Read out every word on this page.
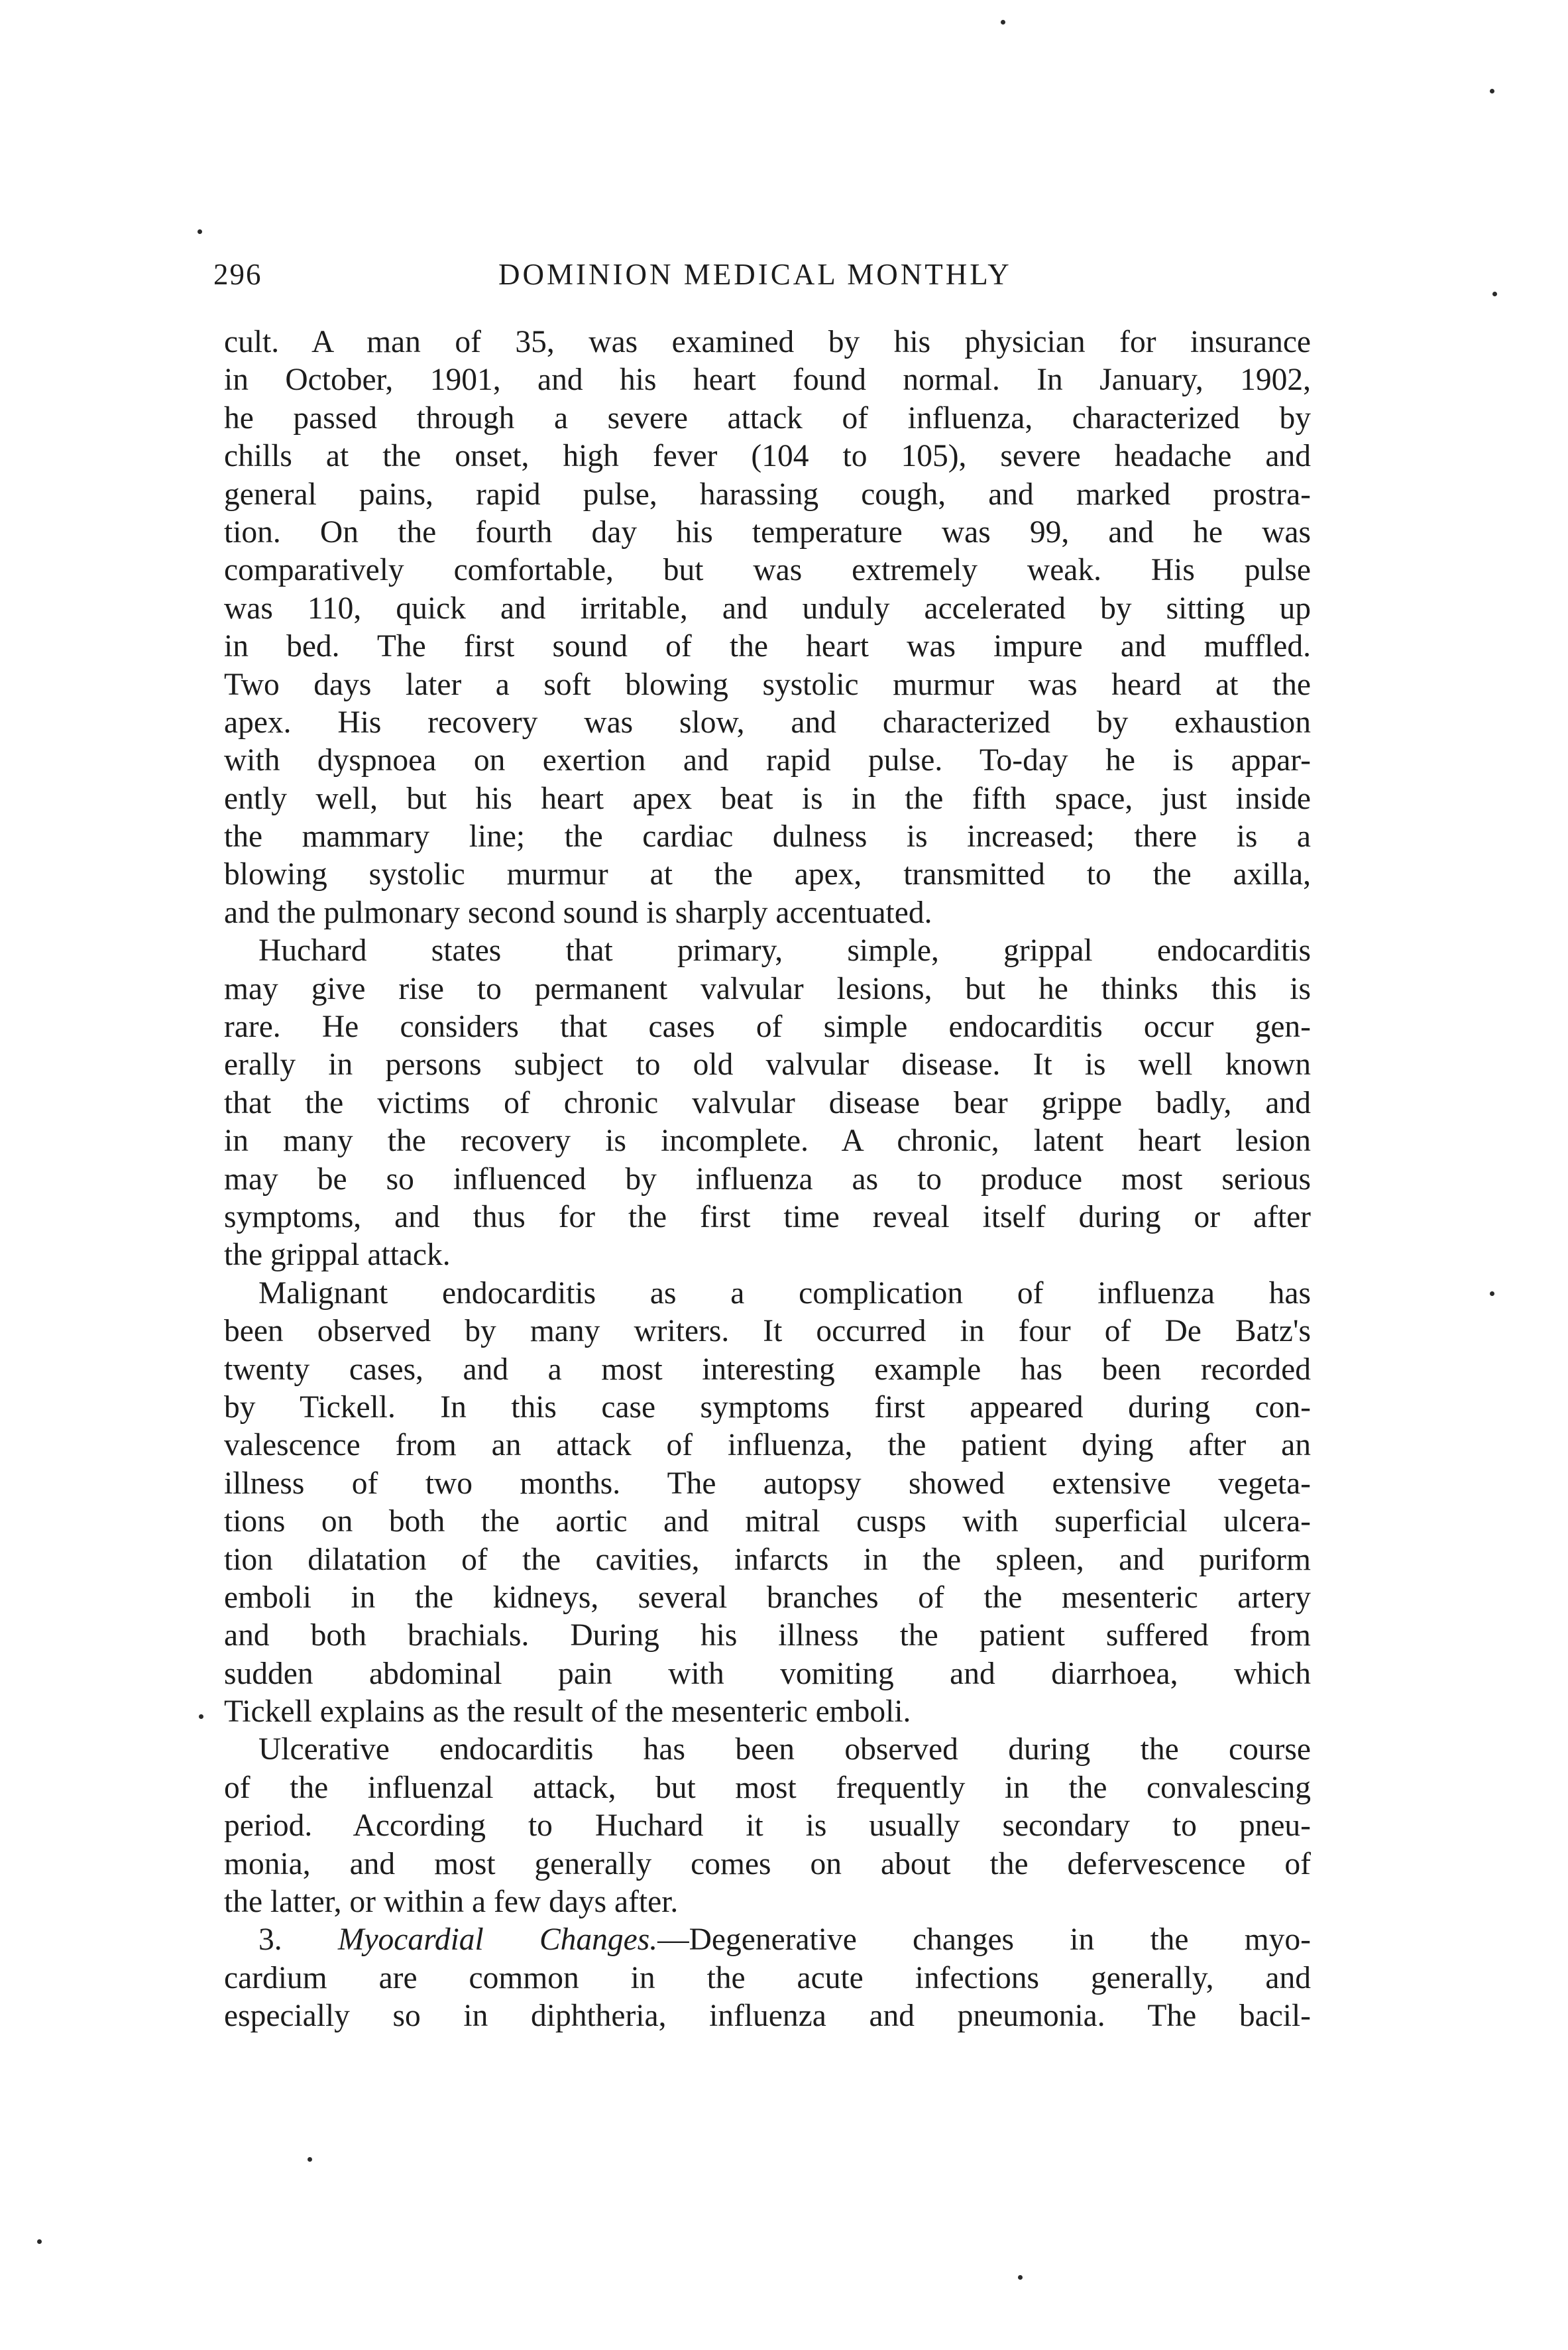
296	DOMINION MEDICAL MONTHLY
cult. A man of 35, was examined by his physician for insurance
in October, 1901, and his heart found normal. In January, 1902,
he passed through a severe attack of influenza, characterized by
chills at the onset, high fever (104 to 105), severe headache and
general pains, rapid pulse, harassing cough, and marked prostra-
tion. On the fourth day his temperature was 99, and he was
comparatively comfortable, but was extremely weak. His pulse
was 110, quick and irritable, and unduly accelerated by sitting up
in bed. The first sound of the heart was impure and muffled.
Two days later a soft blowing systolic murmur was heard at the
apex. His recovery was slow, and characterized by exhaustion
with dyspnoea on exertion and rapid pulse. To-day he is appar-
ently well, but his heart apex beat is in the fifth space, just inside
the mammary line; the cardiac dulness is increased; there is a
blowing systolic murmur at the apex, transmitted to the axilla,
and the pulmonary second sound is sharply accentuated.
Huchard states that primary, simple, grippal endocarditis
may give rise to permanent valvular lesions, but he thinks this is
rare. He considers that cases of simple endocarditis occur gen-
erally in persons subject to old valvular disease. It is well known
that the victims of chronic valvular disease bear grippe badly, and
in many the recovery is incomplete. A chronic, latent heart lesion
may be so influenced by influenza as to produce most serious
symptoms, and thus for the first time reveal itself during or after
the grippal attack.
Malignant endocarditis as a complication of influenza has
been observed by many writers. It occurred in four of De Batz's
twenty cases, and a most interesting example has been recorded
by Tickell. In this case symptoms first appeared during con-
valescence from an attack of influenza, the patient dying after an
illness of two months. The autopsy showed extensive vegeta-
tions on both the aortic and mitral cusps with superficial ulcera-
tion dilatation of the cavities, infarcts in the spleen, and puriform
emboli in the kidneys, several branches of the mesenteric artery
and both brachials. During his illness the patient suffered from
sudden abdominal pain with vomiting and diarrhoea, which
Tickell explains as the result of the mesenteric emboli.
Ulcerative endocarditis has been observed during the course
of the influenzal attack, but most frequently in the convalescing
period. According to Huchard it is usually secondary to pneu-
monia, and most generally comes on about the defervescence of
the latter, or within a few days after.
3. Myocardial Changes.—Degenerative changes in the myo-
cardium are common in the acute infections generally, and
especially so in diphtheria, influenza and pneumonia. The bacil-
